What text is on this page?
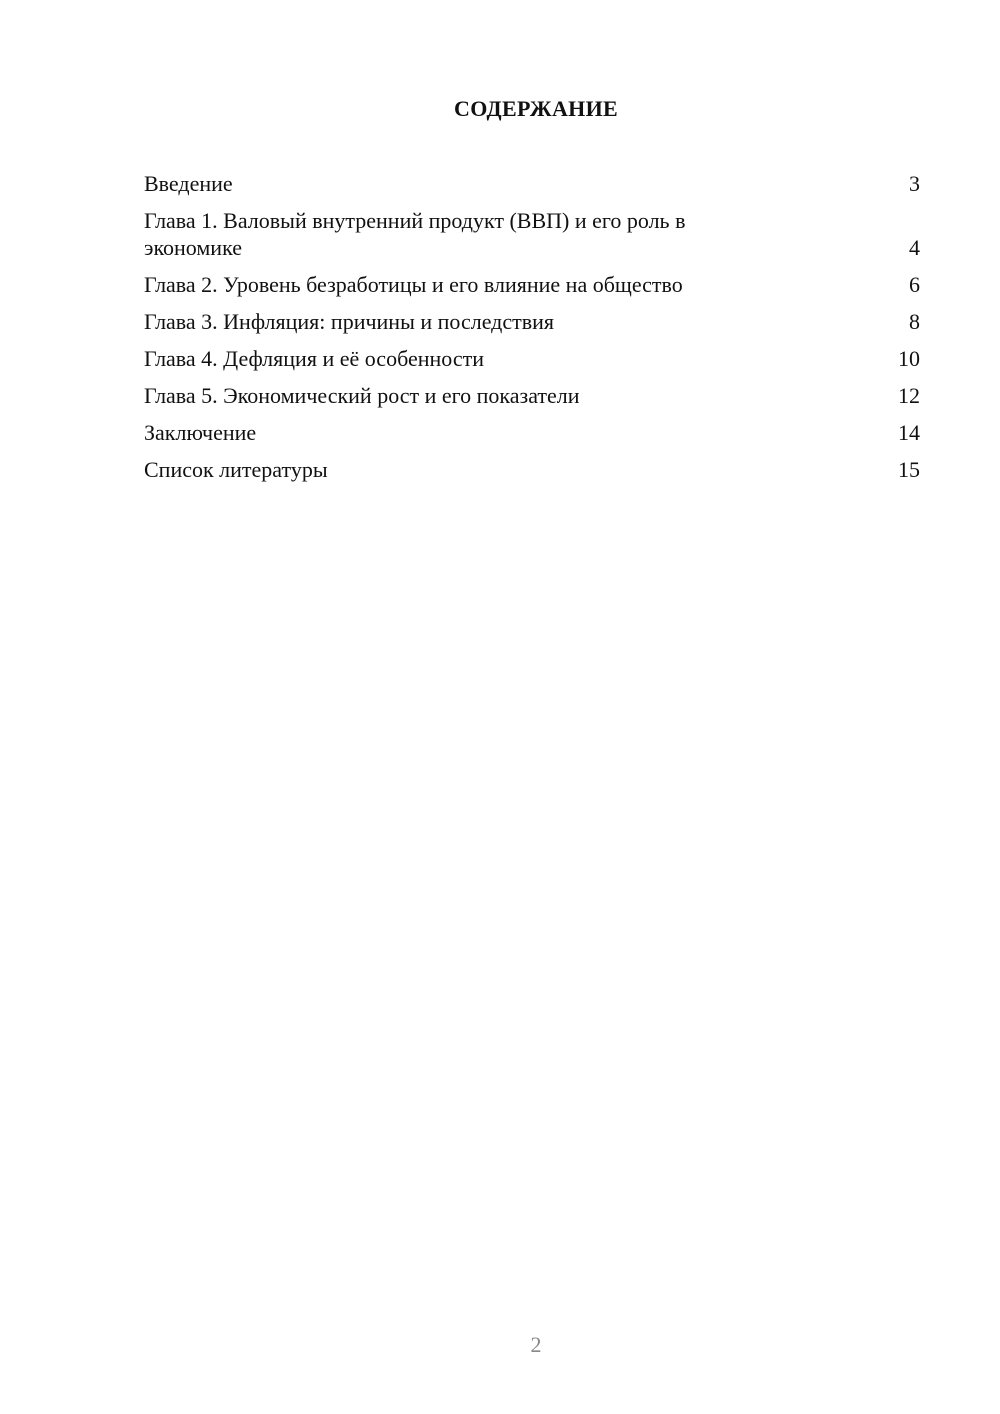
СОДЕРЖАНИЕ
Введение	3
Глава 1. Валовый внутренний продукт (ВВП) и его роль в экономике	4
Глава 2. Уровень безработицы и его влияние на общество	6
Глава 3. Инфляция: причины и последствия	8
Глава 4. Дефляция и её особенности	10
Глава 5. Экономический рост и его показатели	12
Заключение	14
Список литературы	15
2
